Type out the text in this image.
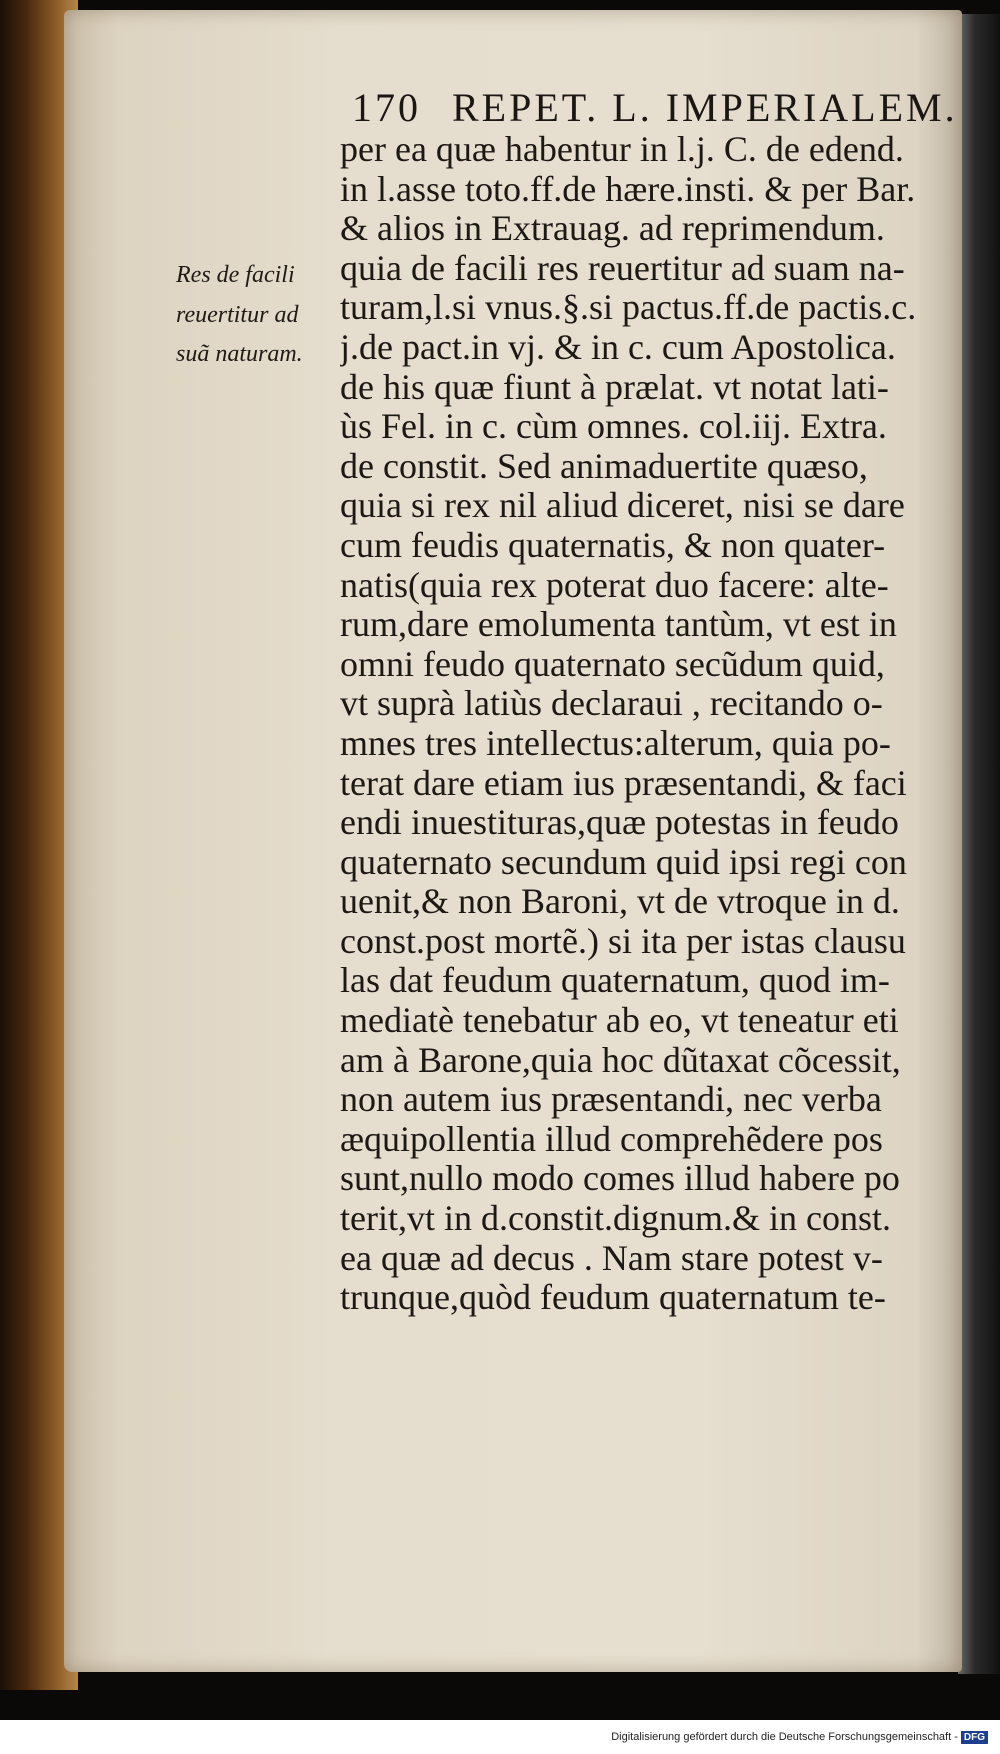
170 REPET. L. IMPERIALEM.
Res de facili
reuertitur ad
suã naturam.
per ea quæ habentur in l.j. C. de edend.
in l.asse toto.ff.de hære.insti. & per Bar.
& alios in Extrauag. ad reprimendum.
quia de facili res reuertitur ad suam na-
turam,l.si vnus.§.si pactus.ff.de pactis.c.
j.de pact.in vj. & in c. cum Apostolica.
de his quæ fiunt à prælat. vt notat lati-
ùs Fel. in c. cùm omnes. col.iij. Extra.
de constit. Sed animaduertite quæso,
quia si rex nil aliud diceret, nisi se dare
cum feudis quaternatis, & non quater-
natis(quia rex poterat duo facere: alte-
rum,dare emolumenta tantùm, vt est in
omni feudo quaternato secũdum quid,
vt suprà latiùs declaraui , recitando o-
mnes tres intellectus:alterum, quia po-
terat dare etiam ius præsentandi, & faci
endi inuestituras,quæ potestas in feudo
quaternato secundum quid ipsi regi con
uenit,& non Baroni, vt de vtroque in d.
const.post mortẽ.) si ita per istas clausu
las dat feudum quaternatum, quod im-
mediatè tenebatur ab eo, vt teneatur eti
am à Barone,quia hoc dũtaxat cõcessit,
non autem ius præsentandi, nec verba
æquipollentia illud comprehẽdere pos
sunt,nullo modo comes illud habere po
terit,vt in d.constit.dignum.& in const.
ea quæ ad decus . Nam stare potest v-
trunque,quòd feudum quaternatum te-
Digitalisierung gefördert durch die Deutsche Forschungsgemeinschaft - DFG
